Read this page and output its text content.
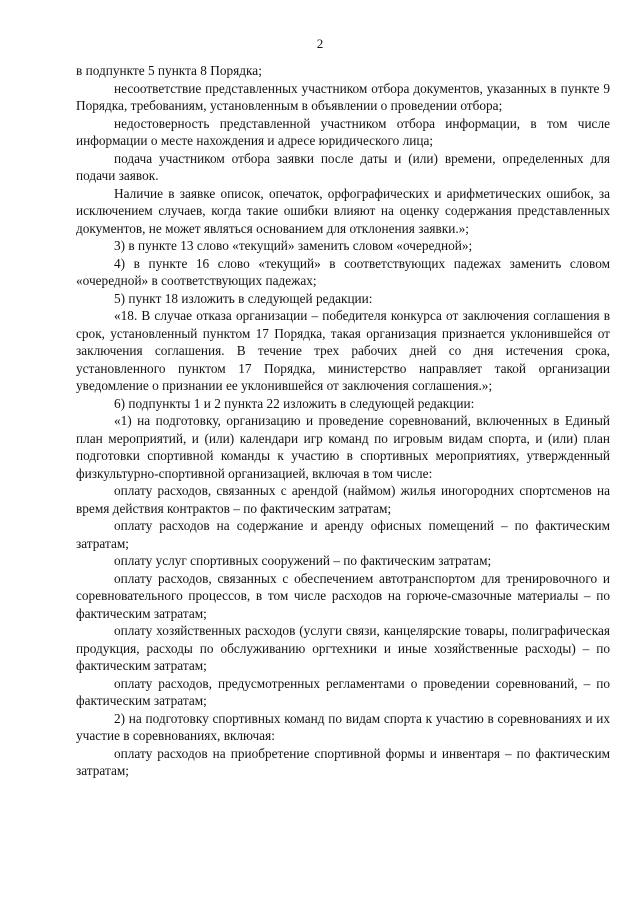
2

в подпункте 5 пункта 8 Порядка;

несоответствие представленных участником отбора документов, указанных в пункте 9 Порядка, требованиям, установленным в объявлении о проведении отбора;

недостоверность представленной участником отбора информации, в том числе информации о месте нахождения и адресе юридического лица;

подача участником отбора заявки после даты и (или) времени, определенных для подачи заявок.

Наличие в заявке описок, опечаток, орфографических и арифметических ошибок, за исключением случаев, когда такие ошибки влияют на оценку содержания представленных документов, не может являться основанием для отклонения заявки.»;

3) в пункте 13 слово «текущий» заменить словом «очередной»;

4) в пункте 16 слово «текущий» в соответствующих падежах заменить словом «очередной» в соответствующих падежах;

5) пункт 18 изложить в следующей редакции:

«18. В случае отказа организации – победителя конкурса от заключения соглашения в срок, установленный пунктом 17 Порядка, такая организация признается уклонившейся от заключения соглашения. В течение трех рабочих дней со дня истечения срока, установленного пунктом 17 Порядка, министерство направляет такой организации уведомление о признании ее уклонившейся от заключения соглашения.»;

6) подпункты 1 и 2 пункта 22 изложить в следующей редакции:

«1) на подготовку, организацию и проведение соревнований, включенных в Единый план мероприятий, и (или) календари игр команд по игровым видам спорта, и (или) план подготовки спортивной команды к участию в спортивных мероприятиях, утвержденный физкультурно-спортивной организацией, включая в том числе:

оплату расходов, связанных с арендой (наймом) жилья иногородних спортсменов на время действия контрактов – по фактическим затратам;

оплату расходов на содержание и аренду офисных помещений – по фактическим затратам;

оплату услуг спортивных сооружений – по фактическим затратам;

оплату расходов, связанных с обеспечением автотранспортом для тренировочного и соревновательного процессов, в том числе расходов на горюче-смазочные материалы – по фактическим затратам;

оплату хозяйственных расходов (услуги связи, канцелярские товары, полиграфическая продукция, расходы по обслуживанию оргтехники и иные хозяйственные расходы) – по фактическим затратам;

оплату расходов, предусмотренных регламентами о проведении соревнований, – по фактическим затратам;

2) на подготовку спортивных команд по видам спорта к участию в соревнованиях и их участие в соревнованиях, включая:

оплату расходов на приобретение спортивной формы и инвентаря – по фактическим затратам;
